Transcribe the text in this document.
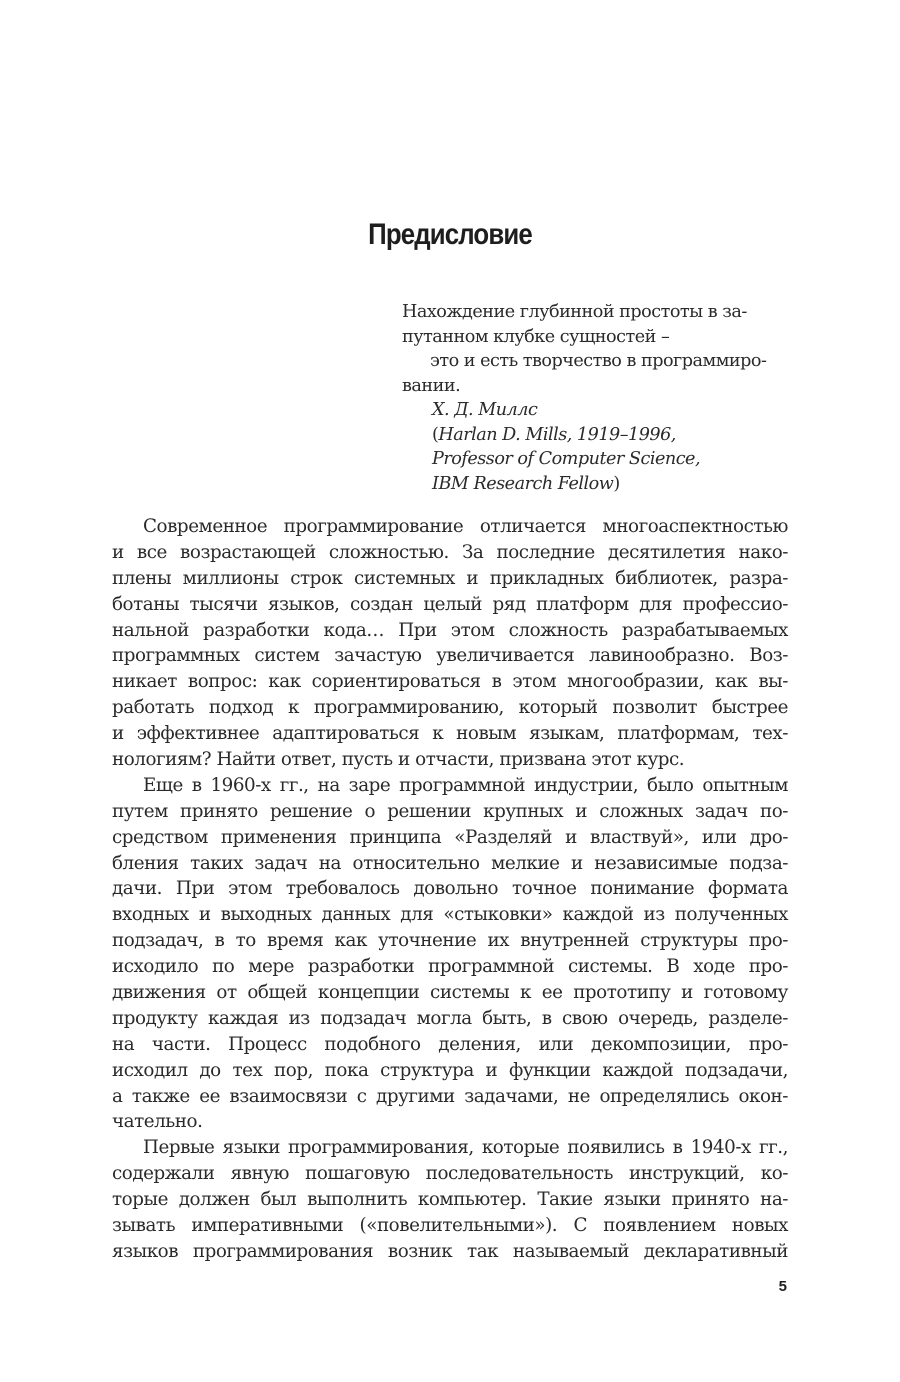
Предисловие
Нахождение глубинной простоты в за-
путанном клубке сущностей –
это и есть творчество в программиро-
вании.
Х. Д. Миллс
(Harlan D. Mills, 1919–1996,
Professor of Computer Science,
IBM Research Fellow)
Современное программирование отличается многоаспектностью
и все возрастающей сложностью. За последние десятилетия нако-
плены миллионы строк системных и прикладных библиотек, разра-
ботаны тысячи языков, создан целый ряд платформ для профессио-
нальной разработки кода… При этом сложность разрабатываемых
программных систем зачастую увеличивается лавинообразно. Воз-
никает вопрос: как сориентироваться в этом многообразии, как вы-
работать подход к программированию, который позволит быстрее
и эффективнее адаптироваться к новым языкам, платформам, тех-
нологиям? Найти ответ, пусть и отчасти, призвана этот курс.
Еще в 1960-х гг., на заре программной индустрии, было опытным
путем принято решение о решении крупных и сложных задач по-
средством применения принципа «Разделяй и властвуй», или дро-
бления таких задач на относительно мелкие и независимые подза-
дачи. При этом требовалось довольно точное понимание формата
входных и выходных данных для «стыковки» каждой из полученных
подзадач, в то время как уточнение их внутренней структуры про-
исходило по мере разработки программной системы. В ходе про-
движения от общей концепции системы к ее прототипу и готовому
продукту каждая из подзадач могла быть, в свою очередь, разделе-
на части. Процесс подобного деления, или декомпозиции, про-
исходил до тех пор, пока структура и функции каждой подзадачи,
а также ее взаимосвязи с другими задачами, не определялись окон-
чательно.
Первые языки программирования, которые появились в 1940-х гг.,
содержали явную пошаговую последовательность инструкций, ко-
торые должен был выполнить компьютер. Такие языки принято на-
зывать императивными («повелительными»). С появлением новых
языков программирования возник так называемый декларативный
5
